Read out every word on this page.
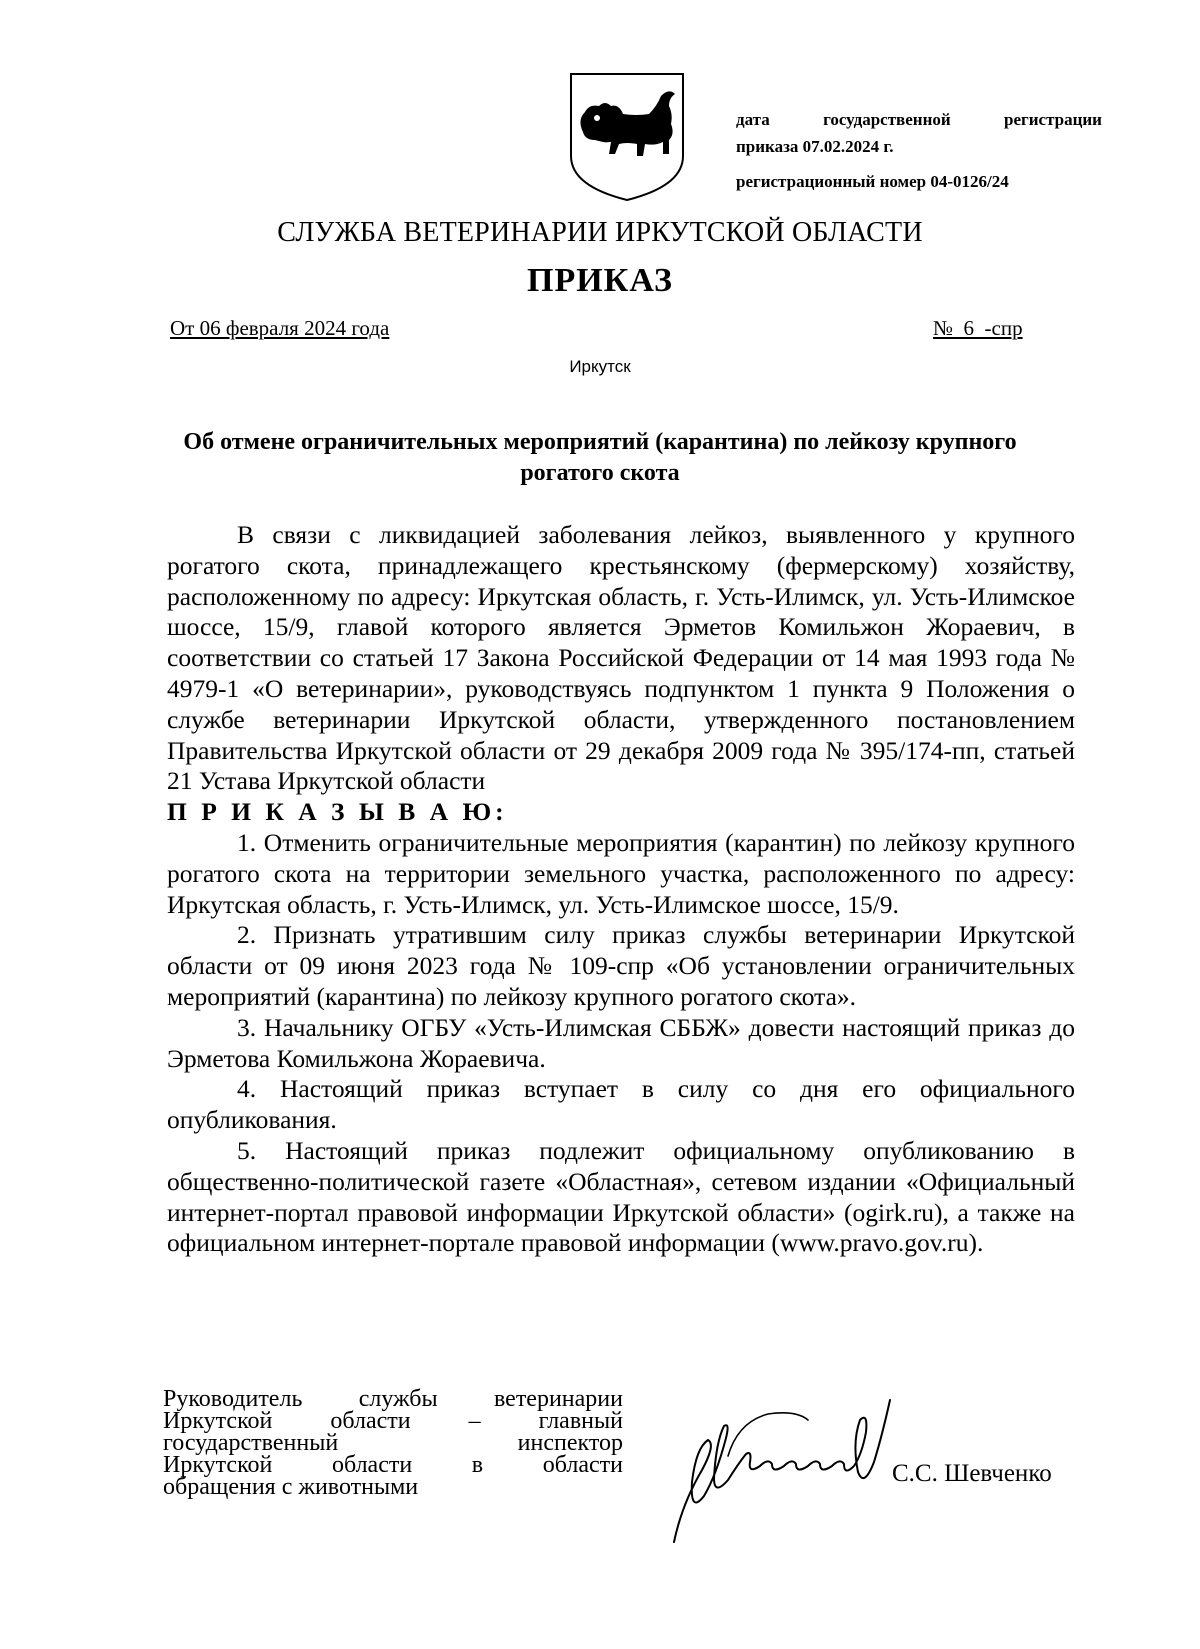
дата	государственной	регистрации
приказа 07.02.2024 г.
регистрационный номер 04-0126/24
СЛУЖБА ВЕТЕРИНАРИИ ИРКУТСКОЙ ОБЛАСТИ
ПРИКАЗ
От 06 февраля 2024 года	№  6  -спр
Иркутск
Об отмене ограничительных мероприятий (карантина) по лейкозу крупного рогатого скота

В связи с ликвидацией заболевания лейкоз, выявленного у крупного рогатого скота, принадлежащего крестьянскому (фермерскому) хозяйству, расположенному по адресу: Иркутская область, г. Усть-Илимск, ул. Усть-Илимское шоссе, 15/9, главой которого является Эрметов Комильжон Жораевич, в соответствии со статьей 17 Закона Российской Федерации от 14 мая 1993 года № 4979-1 «О ветеринарии», руководствуясь подпунктом 1 пункта 9 Положения о службе ветеринарии Иркутской области, утвержденного постановлением Правительства Иркутской области от 29 декабря 2009 года № 395/174-пп, статьей 21 Устава Иркутской области

П Р И К А З Ы В А Ю:

1. Отменить ограничительные мероприятия (карантин) по лейкозу крупного рогатого скота на территории земельного участка, расположенного по адресу: Иркутская область, г. Усть-Илимск, ул. Усть-Илимское шоссе, 15/9.

2. Признать утратившим силу приказ службы ветеринарии Иркутской области от 09 июня 2023 года № 109-спр «Об установлении ограничительных мероприятий (карантина) по лейкозу крупного рогатого скота».

3. Начальнику ОГБУ «Усть-Илимская СББЖ» довести настоящий приказ до Эрметова Комильжона Жораевича.

4. Настоящий приказ вступает в силу со дня его официального опубликования.

5. Настоящий приказ подлежит официальному опубликованию в общественно-политической газете «Областная», сетевом издании «Официальный интернет-портал правовой информации Иркутской области» (ogirk.ru), а также на официальном интернет-портале правовой информации (www.pravo.gov.ru).

Руководитель службы ветеринарии
Иркутской области – главный
государственный	инспектор
Иркутской области в области
обращения с животными	С.С. Шевченко
